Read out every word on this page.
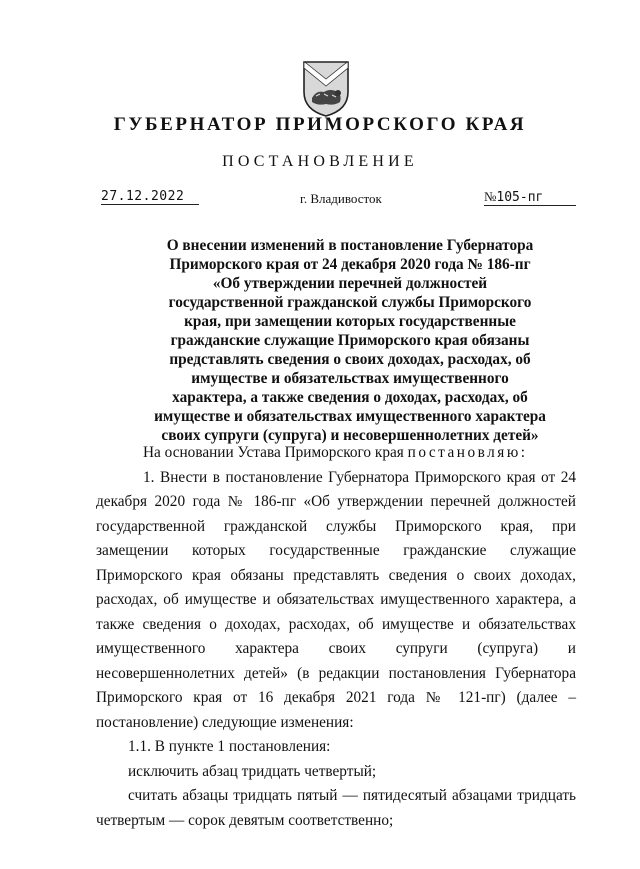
ГУБЕРНАТОР ПРИМОРСКОГО КРАЯ
ПОСТАНОВЛЕНИЕ
27.12.2022	г. Владивосток	№105-пг
О внесении изменений в постановление Губернатора
Приморского края от 24 декабря 2020 года № 186-пг
«Об утверждении перечней должностей
государственной гражданской службы Приморского
края, при замещении которых государственные
гражданские служащие Приморского края обязаны
представлять сведения о своих доходах, расходах, об
имуществе и обязательствах имущественного
характера, а также сведения о доходах, расходах, об
имуществе и обязательствах имущественного характера
своих супруги (супруга) и несовершеннолетних детей»

На основании Устава Приморского края постановляю:

1. Внести в постановление Губернатора Приморского края от 24 декабря 2020 года № 186-пг «Об утверждении перечней должностей государственной гражданской службы Приморского края, при замещении которых государственные гражданские служащие Приморского края обязаны представлять сведения о своих доходах, расходах, об имуществе и обязательствах имущественного характера, а также сведения о доходах, расходах, об имуществе и обязательствах имущественного характера своих супруги (супруга) и несовершеннолетних детей» (в редакции постановления Губернатора Приморского края от 16 декабря 2021 года № 121-пг) (далее – постановление) следующие изменения:

1.1. В пункте 1 постановления:

исключить абзац тридцать четвертый;

считать абзацы тридцать пятый — пятидесятый абзацами тридцать четвертым — сорок девятым соответственно;
